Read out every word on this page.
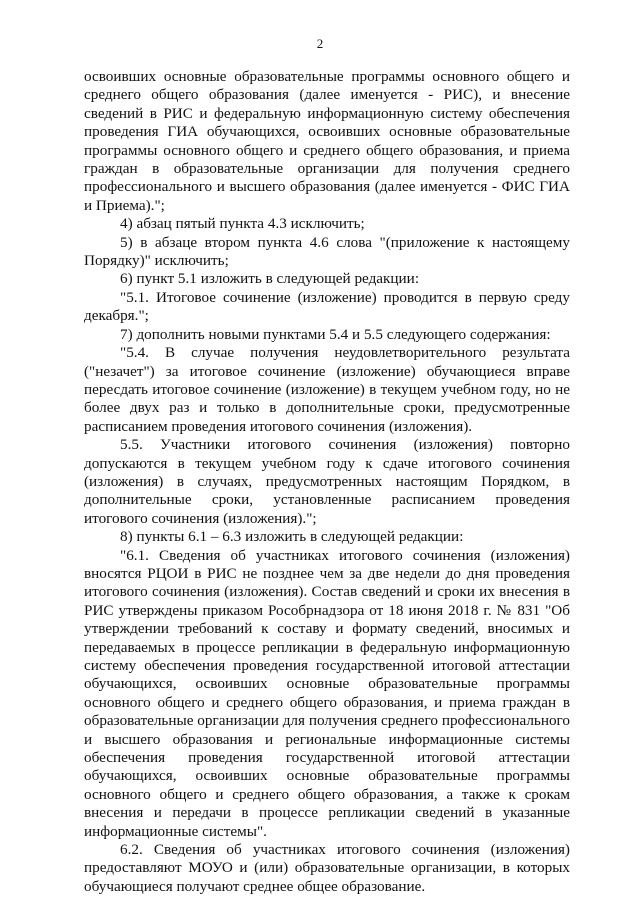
2

освоивших основные образовательные программы основного общего и среднего общего образования (далее именуется - РИС), и внесение сведений в РИС и федеральную информационную систему обеспечения проведения ГИА обучающихся, освоивших основные образовательные программы основного общего и среднего общего образования, и приема граждан в образовательные организации для получения среднего профессионального и высшего образования (далее именуется - ФИС ГИА и Приема).";

4) абзац пятый пункта 4.3 исключить;

5) в абзаце втором пункта 4.6 слова "(приложение к настоящему Порядку)" исключить;

6) пункт 5.1 изложить в следующей редакции:

"5.1. Итоговое сочинение (изложение) проводится в первую среду декабря.";

7) дополнить новыми пунктами 5.4 и 5.5 следующего содержания:

"5.4. В случае получения неудовлетворительного результата ("незачет") за итоговое сочинение (изложение) обучающиеся вправе пересдать итоговое сочинение (изложение) в текущем учебном году, но не более двух раз и только в дополнительные сроки, предусмотренные расписанием проведения итогового сочинения (изложения).

5.5. Участники итогового сочинения (изложения) повторно допускаются в текущем учебном году к сдаче итогового сочинения (изложения) в случаях, предусмотренных настоящим Порядком, в дополнительные сроки, установленные расписанием проведения итогового сочинения (изложения).";

8) пункты 6.1 – 6.3 изложить в следующей редакции:

"6.1. Сведения об участниках итогового сочинения (изложения) вносятся РЦОИ в РИС не позднее чем за две недели до дня проведения итогового сочинения (изложения). Состав сведений и сроки их внесения в РИС утверждены приказом Рособрнадзора от 18 июня 2018 г. № 831 "Об утверждении требований к составу и формату сведений, вносимых и передаваемых в процессе репликации в федеральную информационную систему обеспечения проведения государственной итоговой аттестации обучающихся, освоивших основные образовательные программы основного общего и среднего общего образования, и приема граждан в образовательные организации для получения среднего профессионального и высшего образования и региональные информационные системы обеспечения проведения государственной итоговой аттестации обучающихся, освоивших основные образовательные программы основного общего и среднего общего образования, а также к срокам внесения и передачи в процессе репликации сведений в указанные информационные системы".

6.2. Сведения об участниках итогового сочинения (изложения) предоставляют МОУО и (или) образовательные организации, в которых обучающиеся получают среднее общее образование.
